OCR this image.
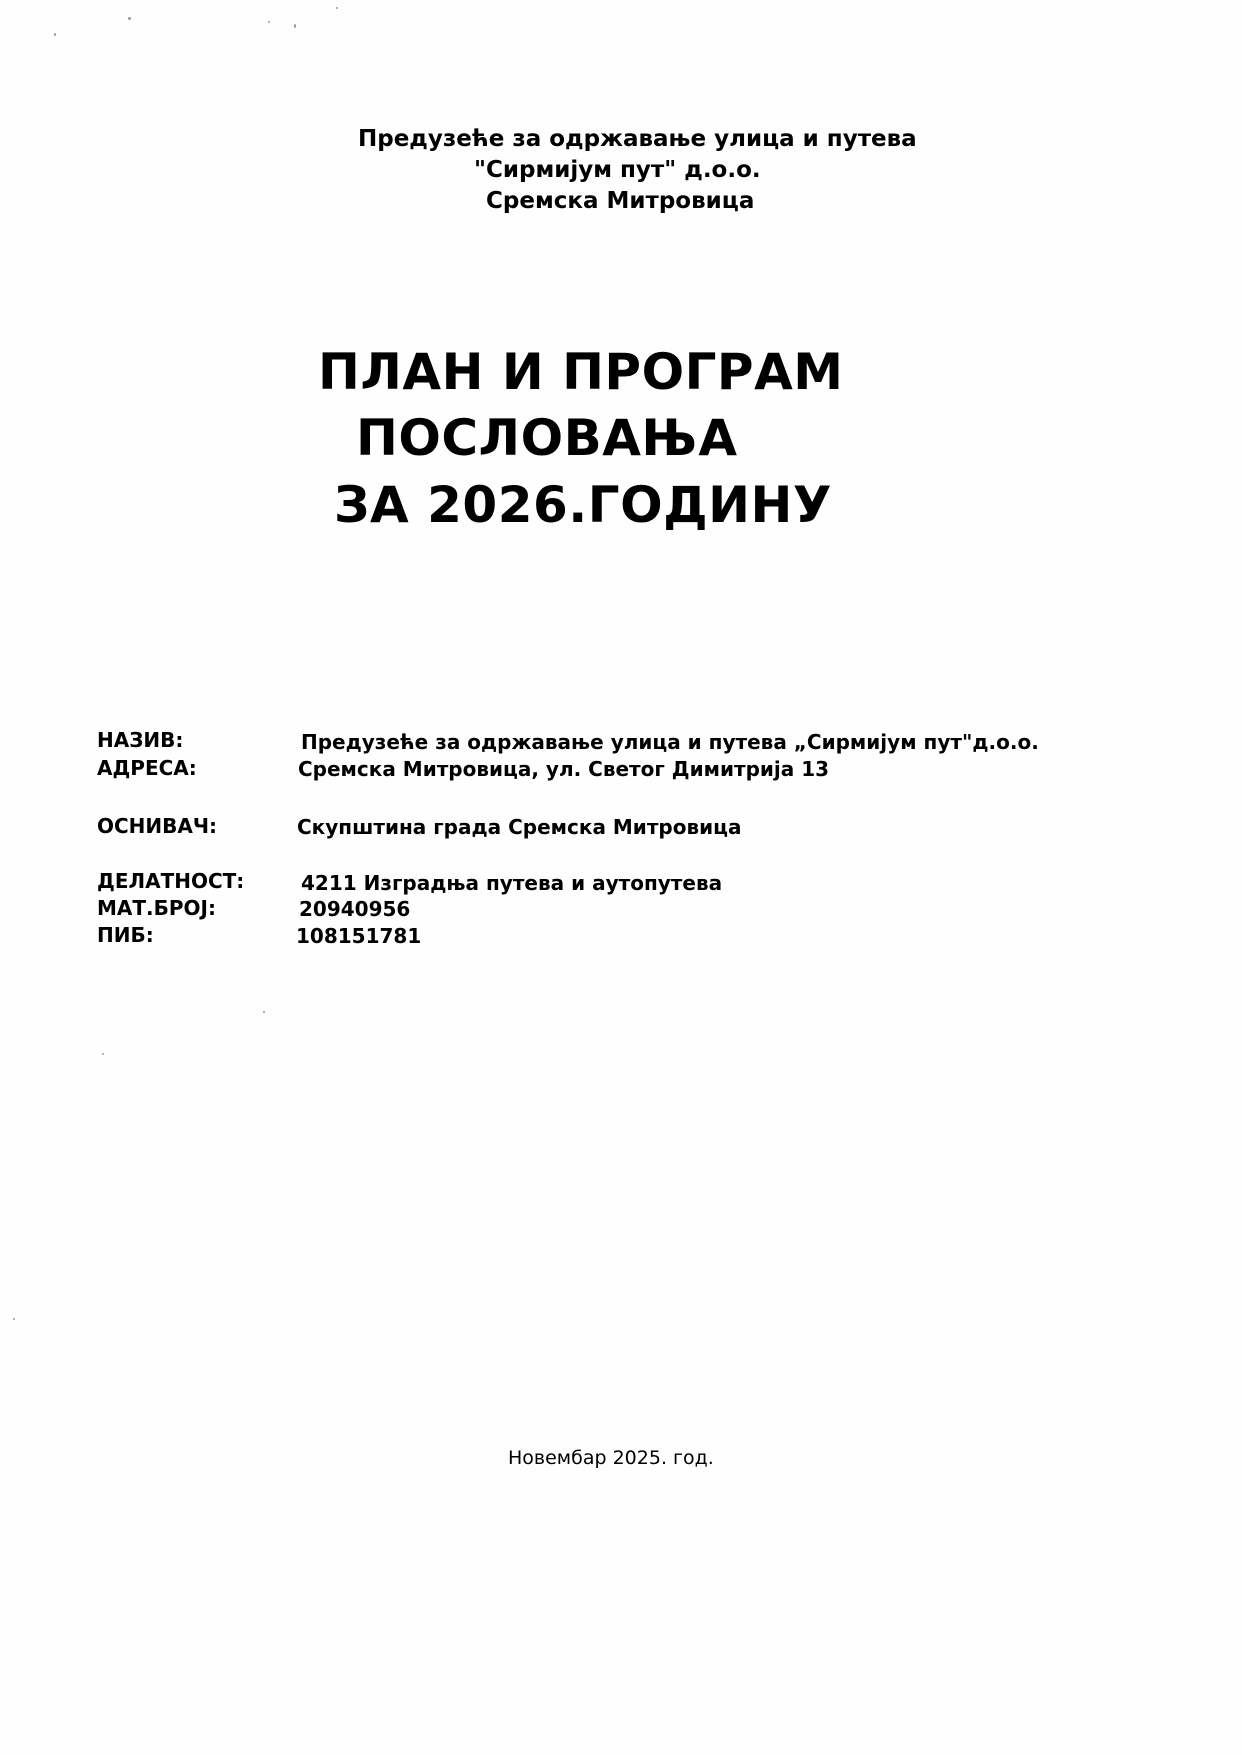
Предузеће за одржавање улица и путева
"Сирмијум пут" д.о.о.
Сремска Митровица
ПЛАН И ПРОГРАМ
ПОСЛОВАЊА
ЗА 2026.ГОДИНУ
НАЗИВ:	Предузеће за одржавање улица и путева „Сирмијум пут"д.о.о.
АДРЕСА:	Сремска Митровица, ул. Светог Димитрија 13
ОСНИВАЧ:	Скупштина града Сремска Митровица
ДЕЛАТНОСТ:	4211 Изградња путева и аутопутева
МАТ.БРОЈ:	20940956
ПИБ:	108151781
Новембар 2025. год.
